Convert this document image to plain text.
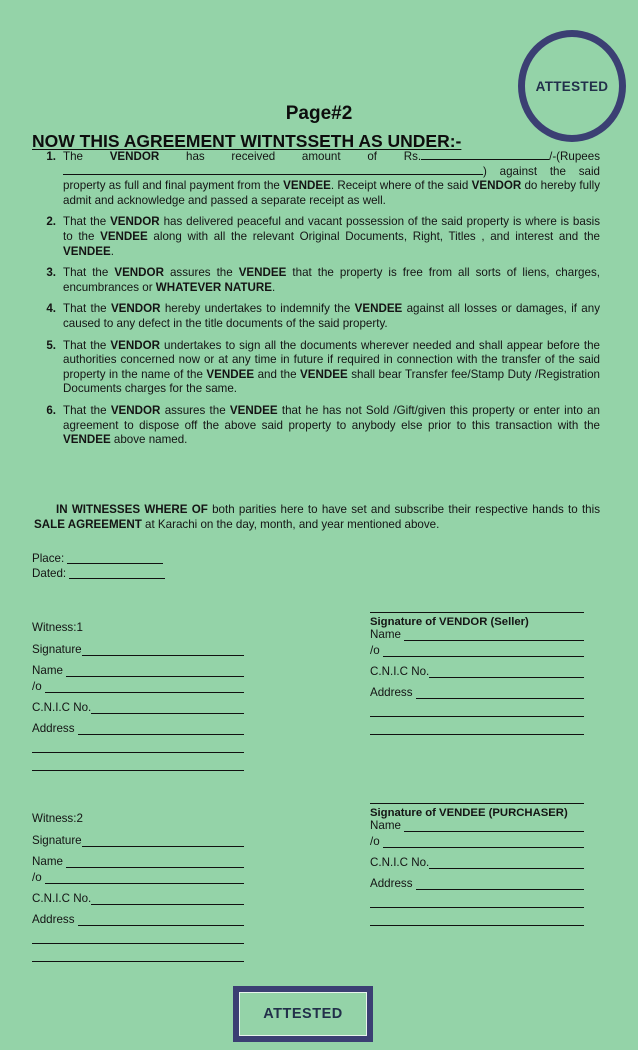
ATTESTED
Page#2
NOW THIS AGREEMENT WITNTSSETH AS UNDER:-
1. The VENDOR has received amount of Rs.	/-(Rupees ) against the said property as full and final payment from the VENDEE. Receipt where of the said VENDOR do hereby fully admit and acknowledge and passed a separate receipt as well.
2. That the VENDOR has delivered peaceful and vacant possession of the said property is where is basis to the VENDEE along with all the relevant Original Documents, Right, Titles , and interest and the VENDEE.
3. That the VENDOR assures the VENDEE that the property is free from all sorts of liens, charges, encumbrances or WHATEVER NATURE.
4. That the VENDOR hereby undertakes to indemnify the VENDEE against all losses or damages, if any caused to any defect in the title documents of the said property.
5. That the VENDOR undertakes to sign all the documents wherever needed and shall appear before the authorities concerned now or at any time in future if required in connection with the transfer of the said property in the name of the VENDEE and the VENDEE shall bear Transfer fee/Stamp Duty /Registration Documents charges for the same.
6. That the VENDOR assures the VENDEE that he has not Sold /Gift/given this property or enter into an agreement to dispose off the above said property to anybody else prior to this transaction with the VENDEE above named.
IN WITNESSES WHERE OF both parities here to have set and subscribe their respective hands to this SALE AGREEMENT at Karachi on the day, month, and year mentioned above.
Place:
Dated:
Witness:1
Signature
Name
/o
C.N.I.C No.
Address
Signature of VENDOR (Seller)
Name
/o
C.N.I.C No.
Address
Witness:2
Signature
Name
/o
C.N.I.C No.
Address
Signature of VENDEE (PURCHASER)
Name
/o
C.N.I.C No.
Address
ATTESTED
